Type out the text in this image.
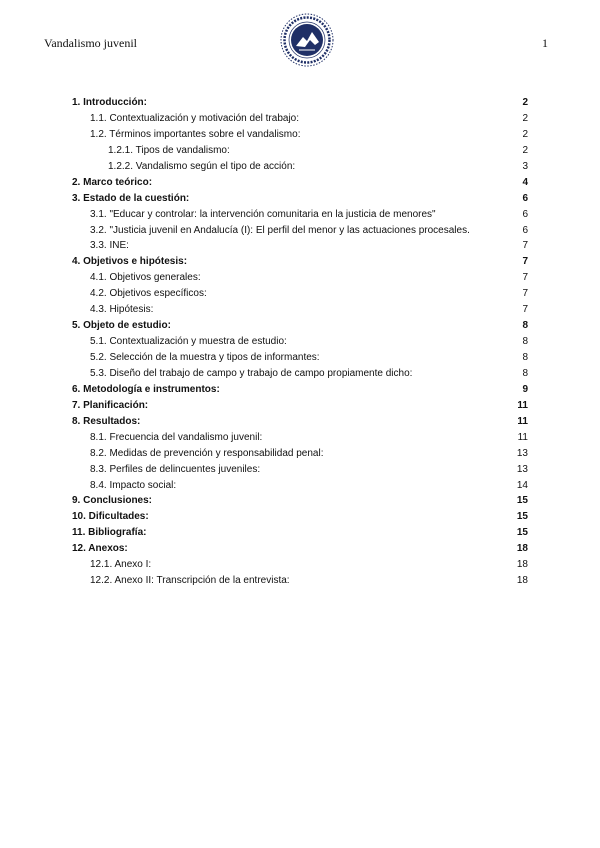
Vandalismo juvenil	1
1. Introducción:	2
1.1. Contextualización y motivación del trabajo:	2
1.2. Términos importantes sobre el vandalismo:	2
1.2.1. Tipos de vandalismo:	2
1.2.2. Vandalismo según el tipo de acción:	3
2. Marco teórico:	4
3. Estado de la cuestión:	6
3.1. "Educar y controlar: la intervención comunitaria en la justicia de menores"	6
3.2. "Justicia juvenil en Andalucía (I): El perfil del menor y las actuaciones procesales.	6
3.3. INE:	7
4. Objetivos e hipótesis:	7
4.1. Objetivos generales:	7
4.2. Objetivos específicos:	7
4.3. Hipótesis:	7
5. Objeto de estudio:	8
5.1. Contextualización y muestra de estudio:	8
5.2. Selección de la muestra y tipos de informantes:	8
5.3. Diseño del trabajo de campo y trabajo de campo propiamente dicho:	8
6. Metodología e instrumentos:	9
7. Planificación:	11
8. Resultados:	11
8.1. Frecuencia del vandalismo juvenil:	11
8.2. Medidas de prevención y responsabilidad penal:	13
8.3. Perfiles de delincuentes juveniles:	13
8.4. Impacto social:	14
9. Conclusiones:	15
10. Dificultades:	15
11. Bibliografía:	15
12. Anexos:	18
12.1. Anexo I:	18
12.2. Anexo II: Transcripción de la entrevista:	18
